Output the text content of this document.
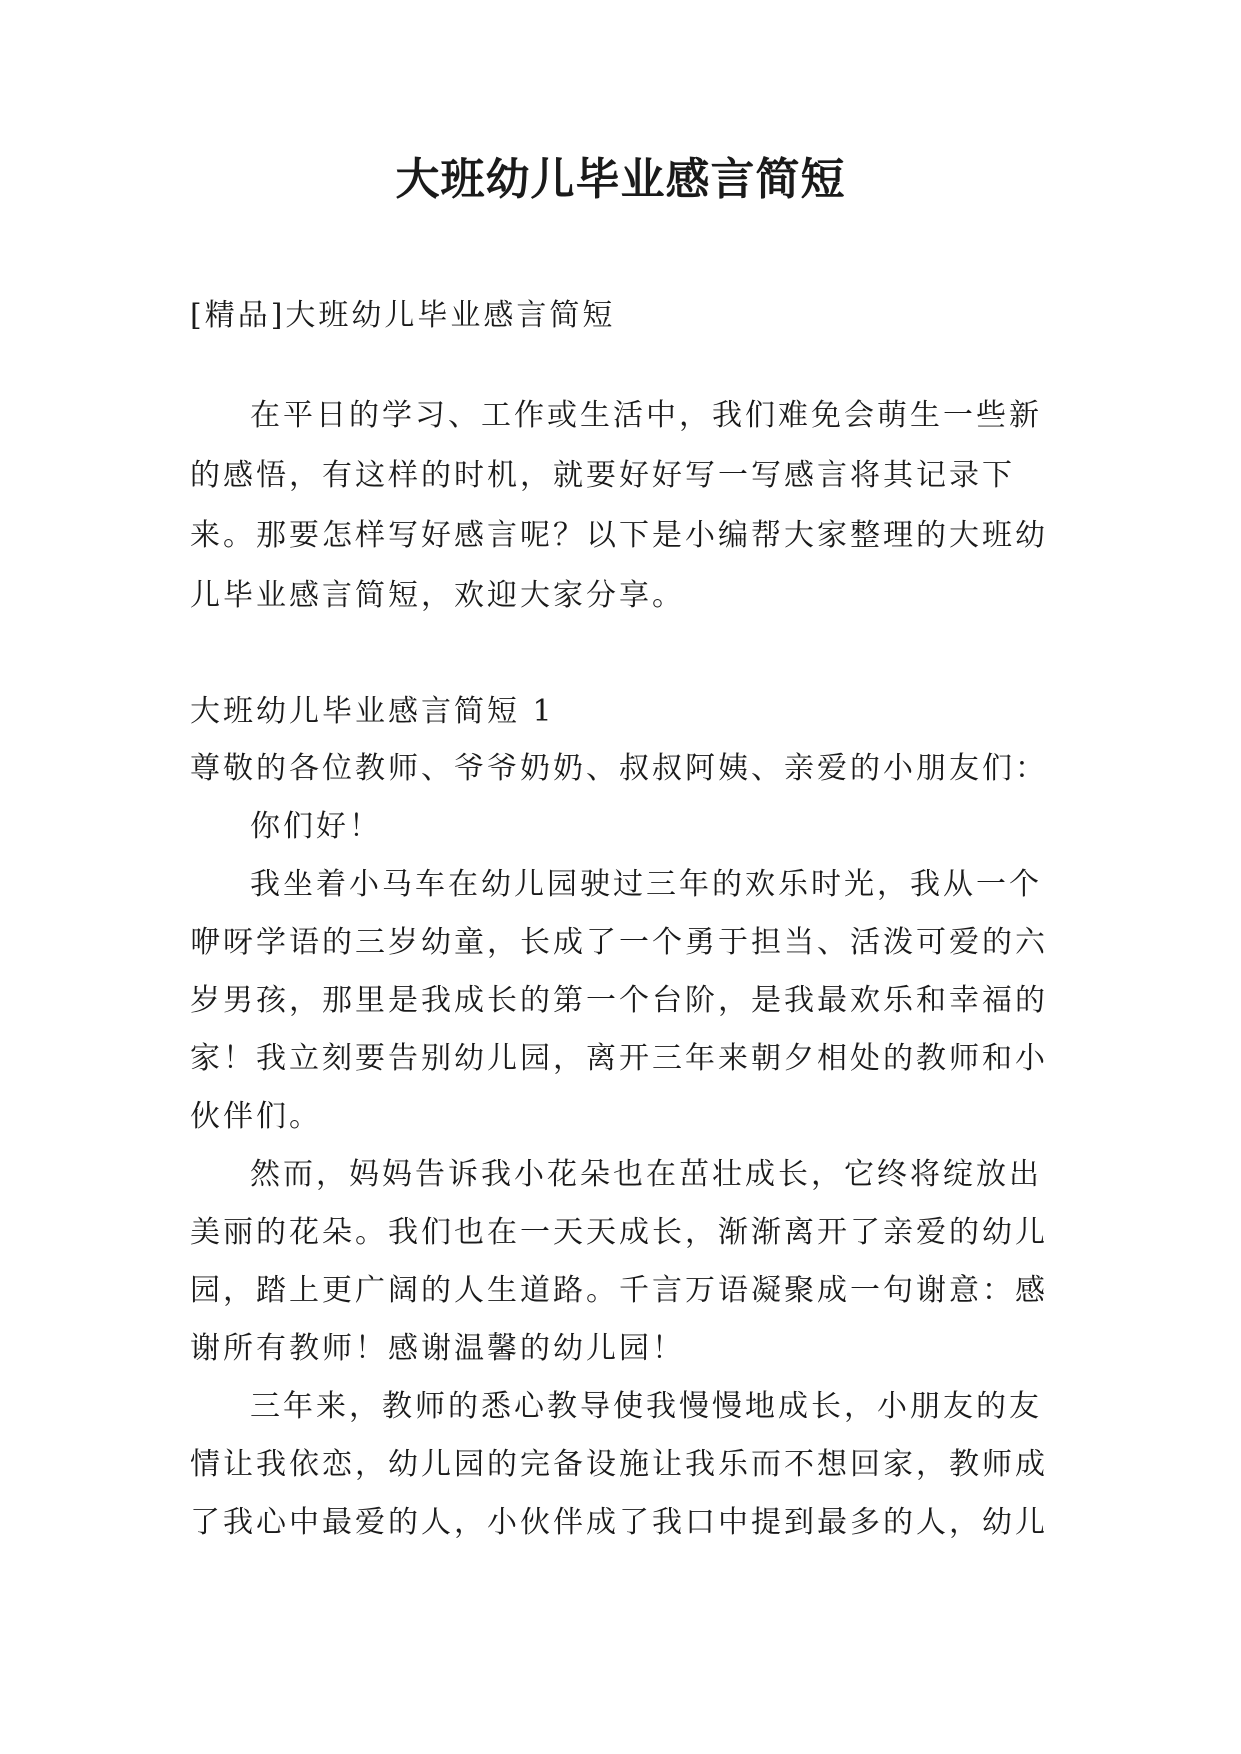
大班幼儿毕业感言简短

[精品]大班幼儿毕业感言简短

在平日的学习、工作或生活中，我们难免会萌生一些新的感悟，有这样的时机，就要好好写一写感言将其记录下来。那要怎样写好感言呢？以下是小编帮大家整理的大班幼儿毕业感言简短，欢迎大家分享。

大班幼儿毕业感言简短 1

尊敬的各位教师、爷爷奶奶、叔叔阿姨、亲爱的小朋友们：

你们好！

我坐着小马车在幼儿园驶过三年的欢乐时光，我从一个咿呀学语的三岁幼童，长成了一个勇于担当、活泼可爱的六岁男孩，那里是我成长的第一个台阶，是我最欢乐和幸福的家！我立刻要告别幼儿园，离开三年来朝夕相处的教师和小伙伴们。

然而，妈妈告诉我小花朵也在茁壮成长，它终将绽放出美丽的花朵。我们也在一天天成长，渐渐离开了亲爱的幼儿园，踏上更广阔的人生道路。千言万语凝聚成一句谢意：感谢所有教师！感谢温馨的幼儿园！

三年来，教师的悉心教导使我慢慢地成长，小朋友的友情让我依恋，幼儿园的完备设施让我乐而不想回家，教师成了我心中最爱的人，小伙伴成了我口中提到最多的人，幼儿
